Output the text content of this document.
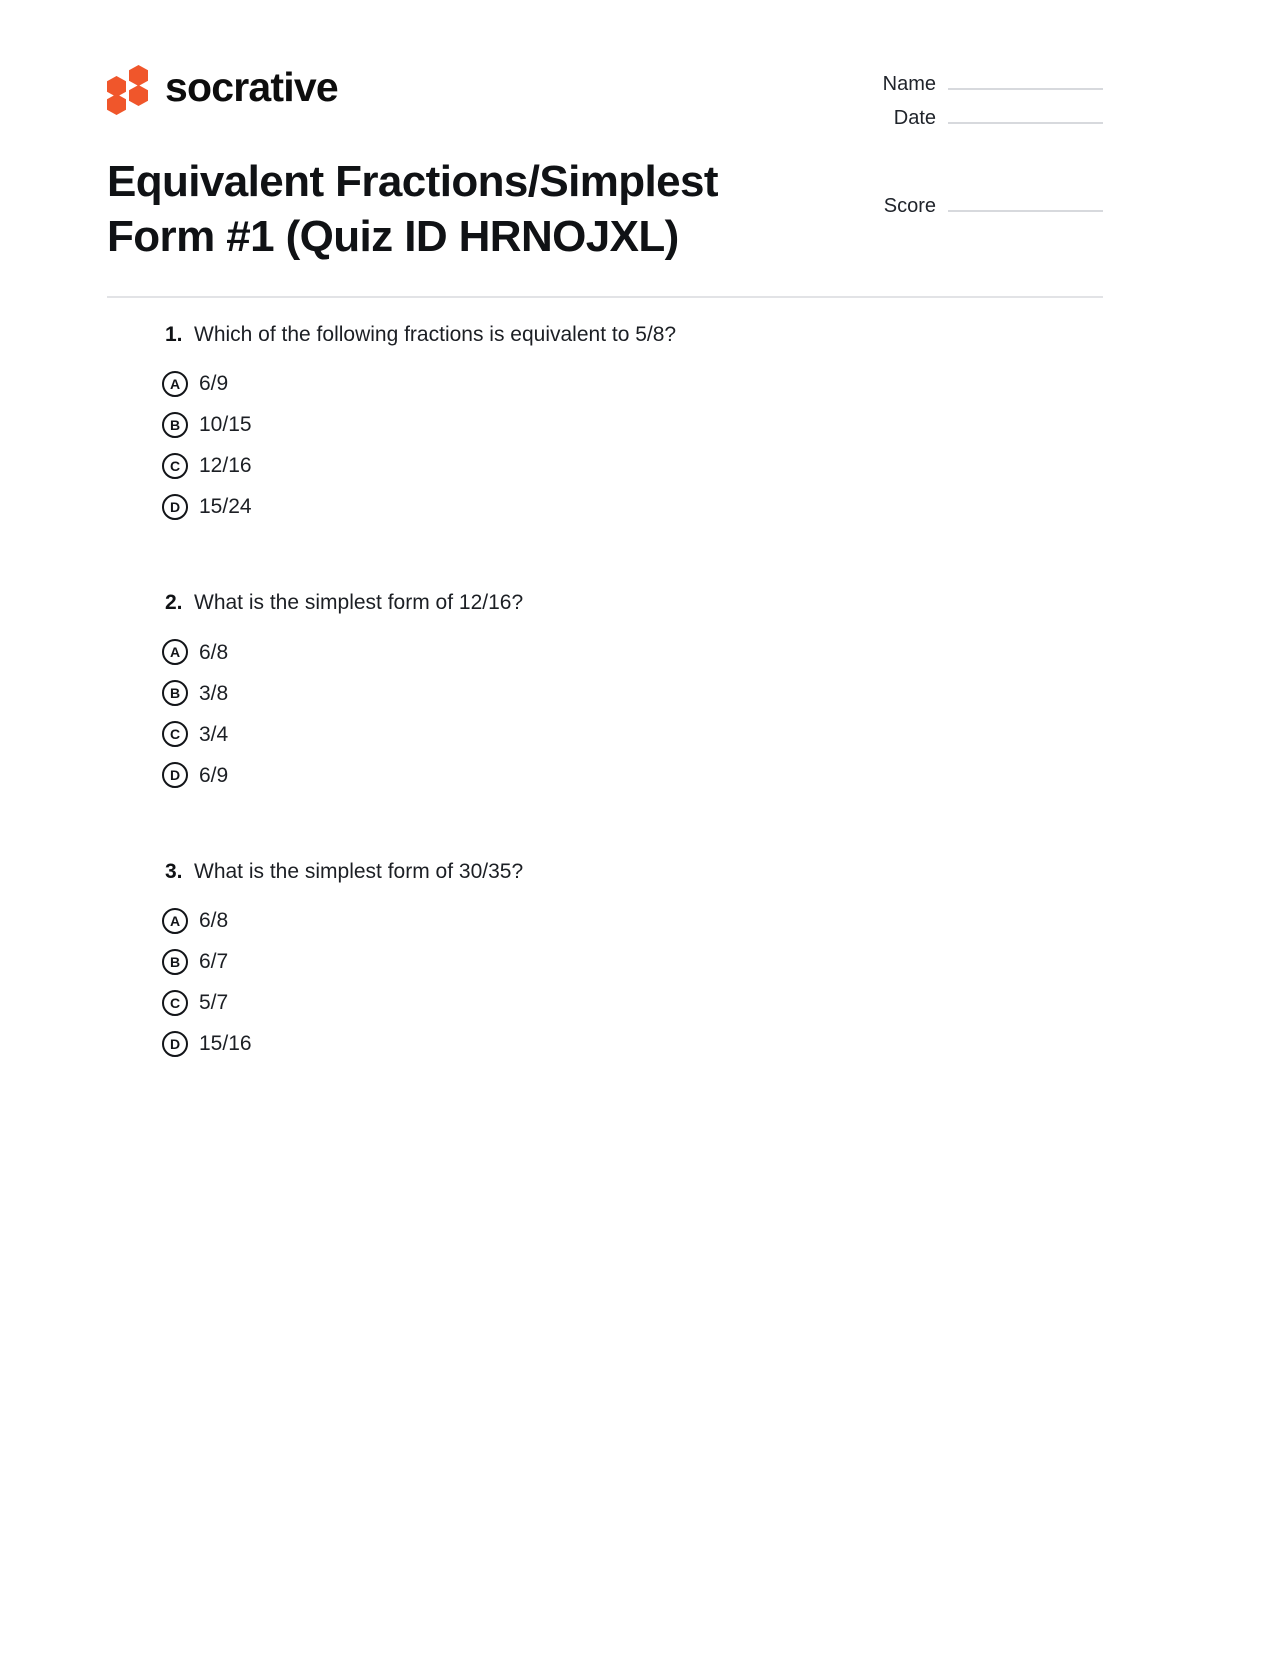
socrative	Name
Date
Score
Equivalent Fractions/Simplest Form #1 (Quiz ID HRNOJXL)
1. Which of the following fractions is equivalent to 5/8?
A 6/9
B 10/15
C 12/16
D 15/24
2. What is the simplest form of 12/16?
A 6/8
B 3/8
C 3/4
D 6/9
3. What is the simplest form of 30/35?
A 6/8
B 6/7
C 5/7
D 15/16
